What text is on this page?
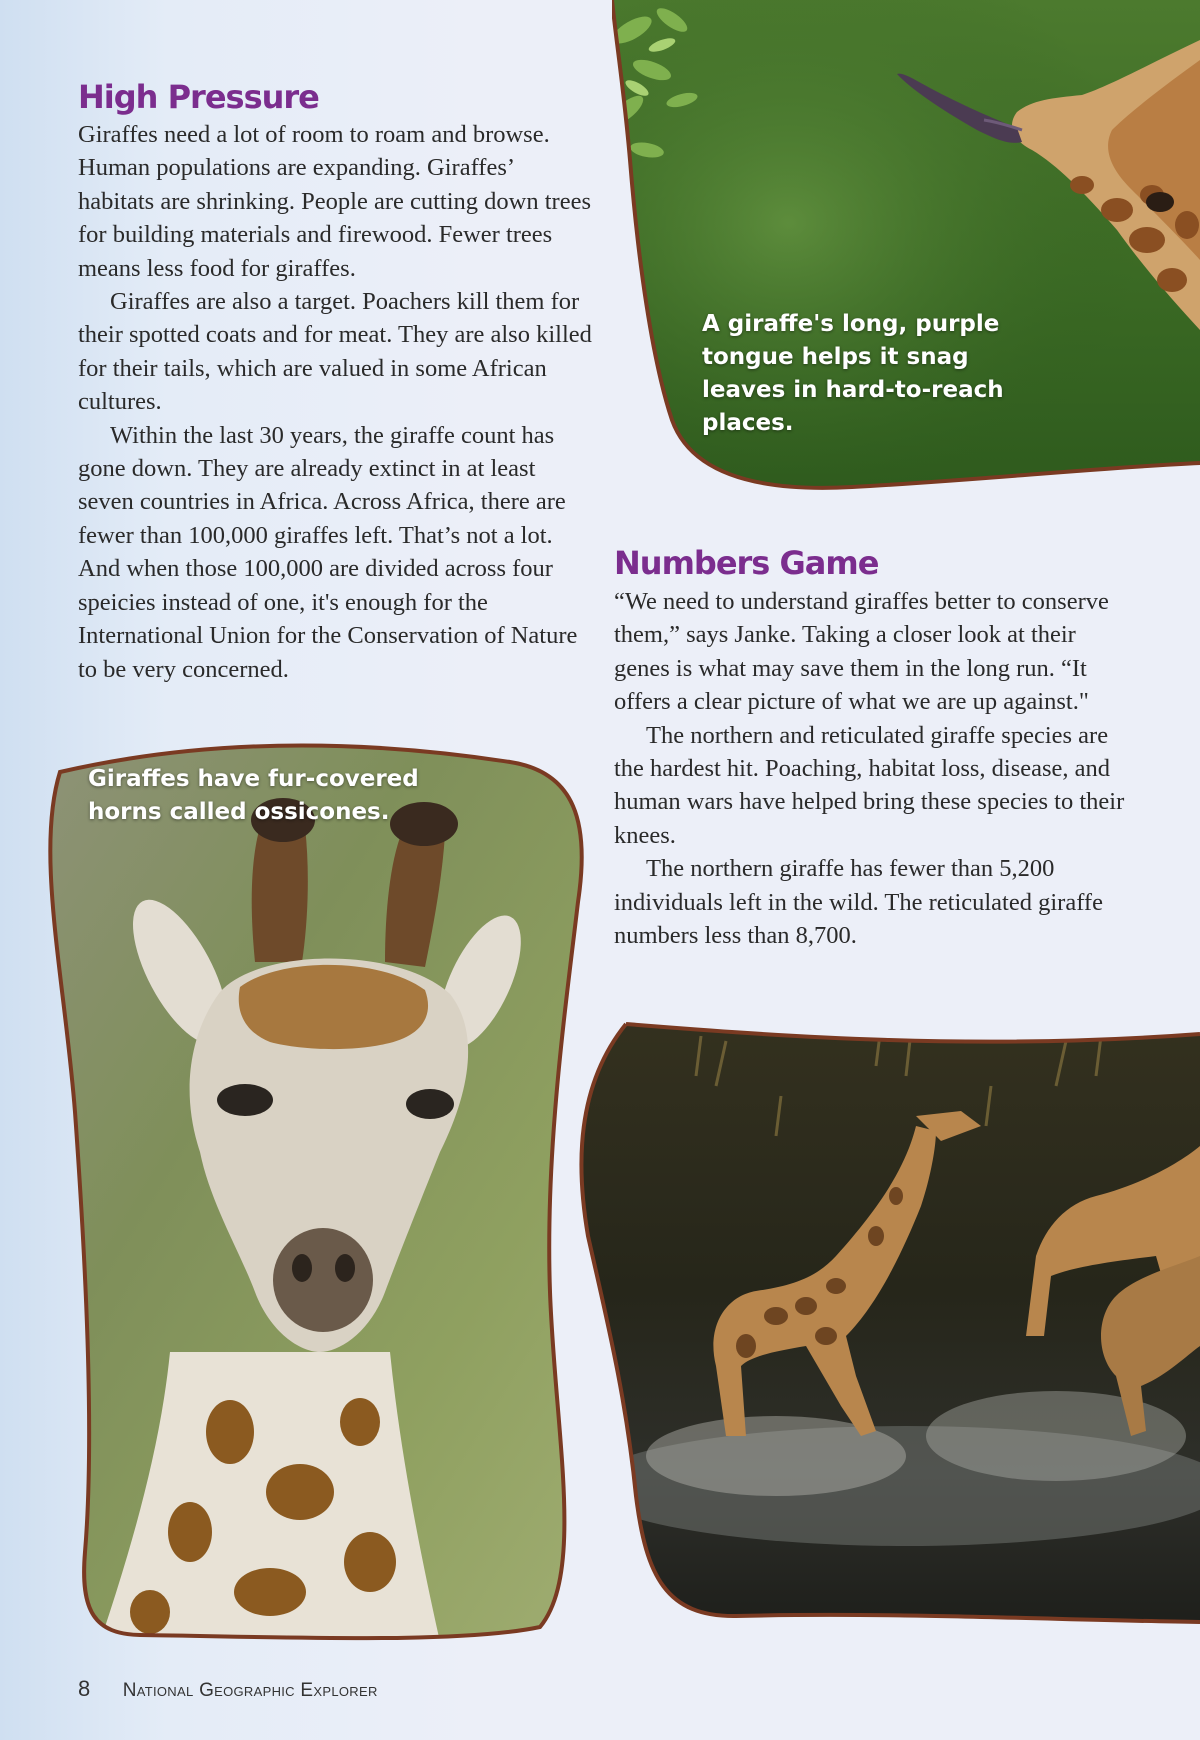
High Pressure

Giraffes need a lot of room to roam and browse. Human populations are expanding. Giraffes’ habitats are shrinking. People are cutting down trees for building materials and firewood. Fewer trees means less food for giraffes.

Giraffes are also a target. Poachers kill them for their spotted coats and for meat. They are also killed for their tails, which are valued in some African cultures.

Within the last 30 years, the giraffe count has gone down. They are already extinct in at least seven countries in Africa. Across Africa, there are fewer than 100,000 giraffes left. That’s not a lot. And when those 100,000 are divided across four speicies instead of one, it's enough for the International Union for the Conservation of Nature to be very concerned.

A giraffe's long, purple tongue helps it snag leaves in hard-to-reach places.

Numbers Game

“We need to understand giraffes better to conserve them,” says Janke. Taking a closer look at their genes is what may save them in the long run. “It offers a clear picture of what we are up against."

The northern and reticulated giraffe species are the hardest hit. Poaching, habitat loss, disease, and human wars have helped bring these species to their knees.

The northern giraffe has fewer than 5,200 individuals left in the wild. The reticulated giraffe numbers less than 8,700.

Giraffes have fur-covered horns called ossicones.

8 National Geographic Explorer
